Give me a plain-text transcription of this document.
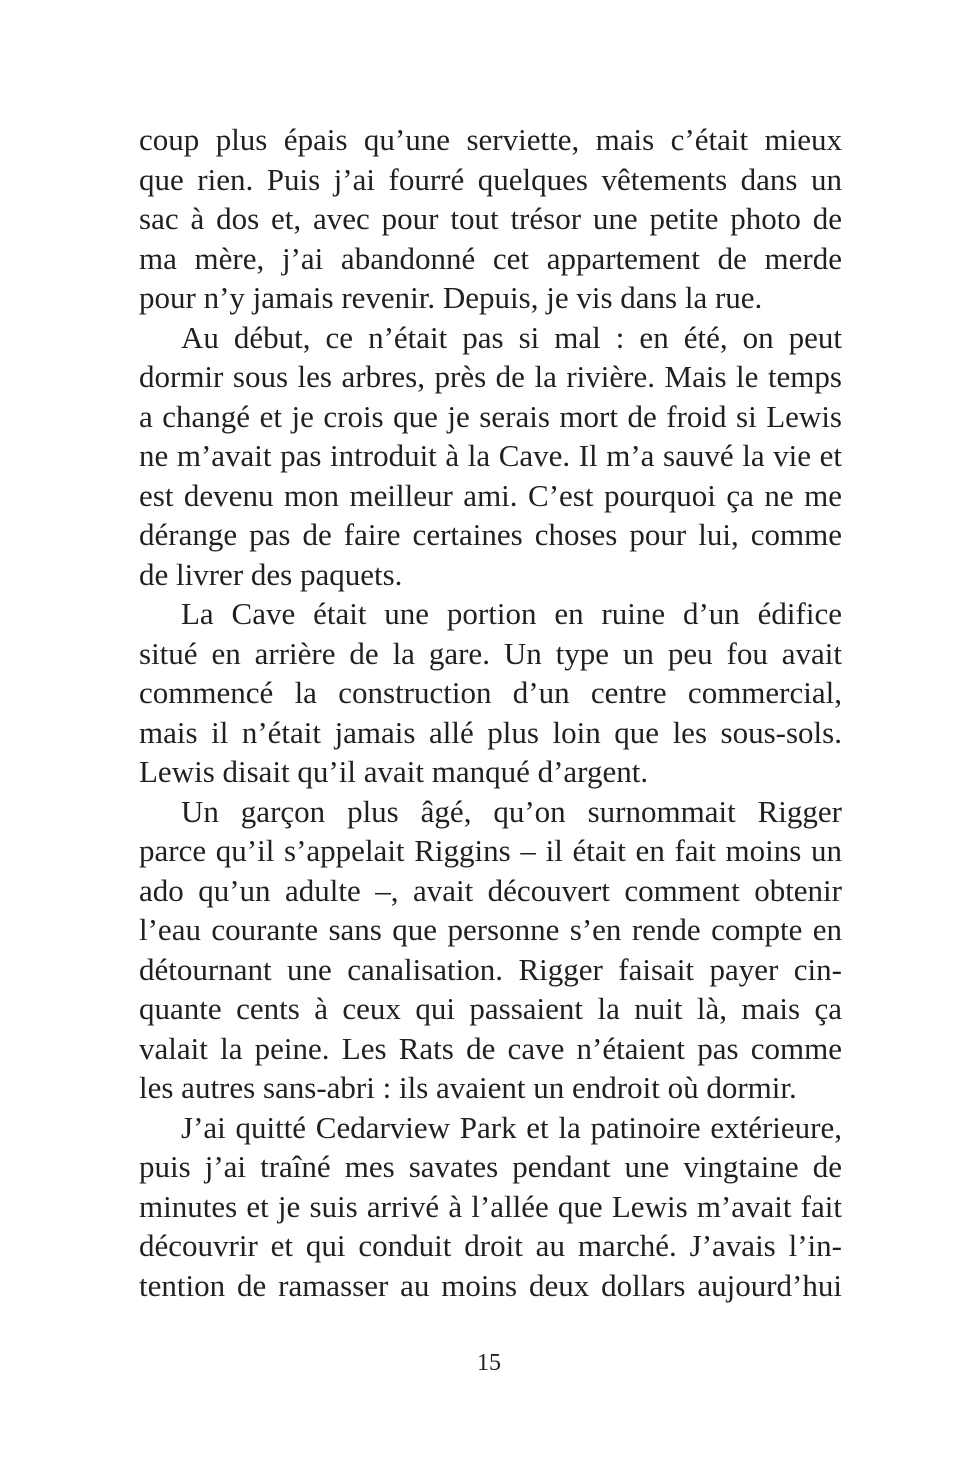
coup plus épais qu’une serviette, mais c’était mieux
que rien. Puis j’ai fourré quelques vêtements dans un
sac à dos et, avec pour tout trésor une petite photo de
ma mère, j’ai abandonné cet appartement de merde
pour n’y jamais revenir. Depuis, je vis dans la rue.
Au début, ce n’était pas si mal : en été, on peut
dormir sous les arbres, près de la rivière. Mais le temps
a changé et je crois que je serais mort de froid si Lewis
ne m’avait pas introduit à la Cave. Il m’a sauvé la vie et
est devenu mon meilleur ami. C’est pourquoi ça ne me
dérange pas de faire certaines choses pour lui, comme
de livrer des paquets.
La Cave était une portion en ruine d’un édifice
situé en arrière de la gare. Un type un peu fou avait
commencé la construction d’un centre commercial,
mais il n’était jamais allé plus loin que les sous-sols.
Lewis disait qu’il avait manqué d’argent.
Un garçon plus âgé, qu’on surnommait Rigger
parce qu’il s’appelait Riggins – il était en fait moins un
ado qu’un adulte –, avait découvert comment obtenir
l’eau courante sans que personne s’en rende compte en
détournant une canalisation. Rigger faisait payer cin-
quante cents à ceux qui passaient la nuit là, mais ça
valait la peine. Les Rats de cave n’étaient pas comme
les autres sans-abri : ils avaient un endroit où dormir.
J’ai quitté Cedarview Park et la patinoire extérieure,
puis j’ai traîné mes savates pendant une vingtaine de
minutes et je suis arrivé à l’allée que Lewis m’avait fait
découvrir et qui conduit droit au marché. J’avais l’in-
tention de ramasser au moins deux dollars aujourd’hui
15
